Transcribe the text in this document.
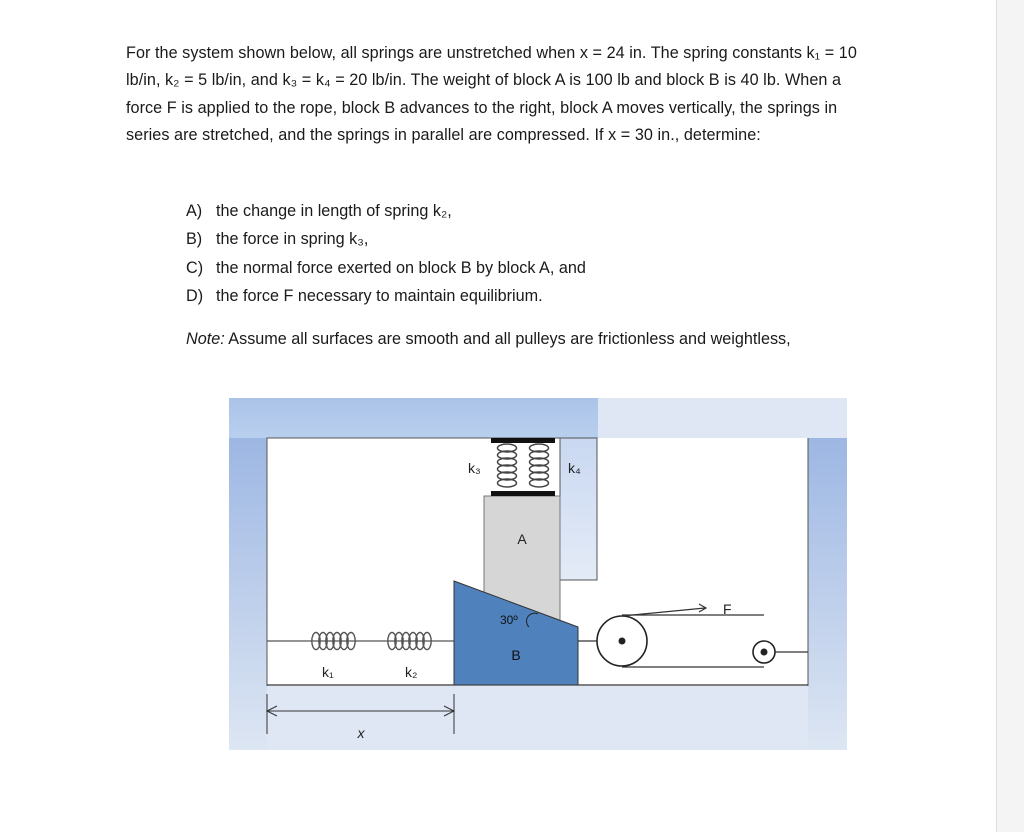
For the system shown below, all springs are unstretched when x = 24 in. The spring constants k₁ = 10 lb/in, k₂ = 5 lb/in, and k₃ = k₄ = 20 lb/in. The weight of block A is 100 lb and block B is 40 lb. When a force F is applied to the rope, block B advances to the right, block A moves vertically, the springs in series are stretched, and the springs in parallel are compressed. If x = 30 in., determine:

A) the change in length of spring k₂,
B) the force in spring k₃,
C) the normal force exerted on block B by block A, and
D) the force F necessary to maintain equilibrium.

Note: Assume all surfaces are smooth and all pulleys are frictionless and weightless,

k₁	k₂
A
k₃	k₄
B
30º
F
x
